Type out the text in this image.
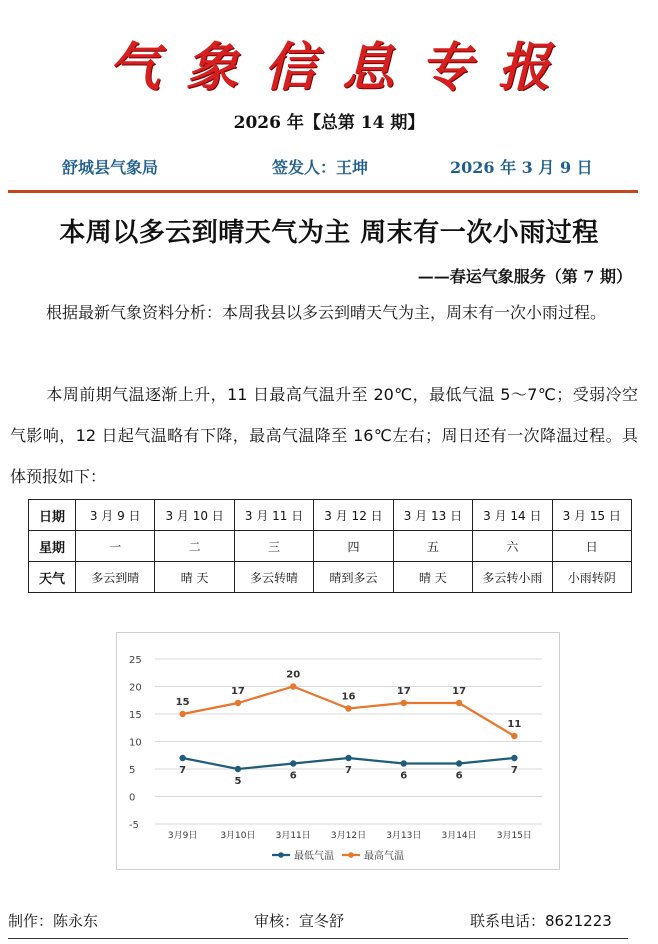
气 象 信 息 专 报
2026 年【总第 14 期】
舒城县气象局	签发人：王坤	2026 年 3 月 9 日
本周以多云到晴天气为主 周末有一次小雨过程
——春运气象服务（第 7 期）

根据最新气象资料分析：本周我县以多云到晴天气为主，周末有一次小雨过程。

本周前期气温逐渐上升，11 日最高气温升至 20℃，最低气温 5～7℃；受弱冷空气影响，12 日起气温略有下降，最高气温降至 16℃左右；周日还有一次降温过程。具体预报如下：

日期	3 月 9 日	3 月 10 日	3 月 11 日	3 月 12 日	3 月 13 日	3 月 14 日	3 月 15 日
星期	一	二	三	四	五	六	日
天气	多云到晴	晴 天	多云转晴	晴到多云	晴 天	多云转小雨	小雨转阴
25
20
15
10
5
0
-5
3月9日	3月10日 3月11日 3月12日 3月13日 3月14日 3月15日
7
5	6	7	6	6	7
15
17
20
16	17	17
11
最低气温	最高气温
制作：陈永东	审核：宣冬舒	联系电话：8621223
